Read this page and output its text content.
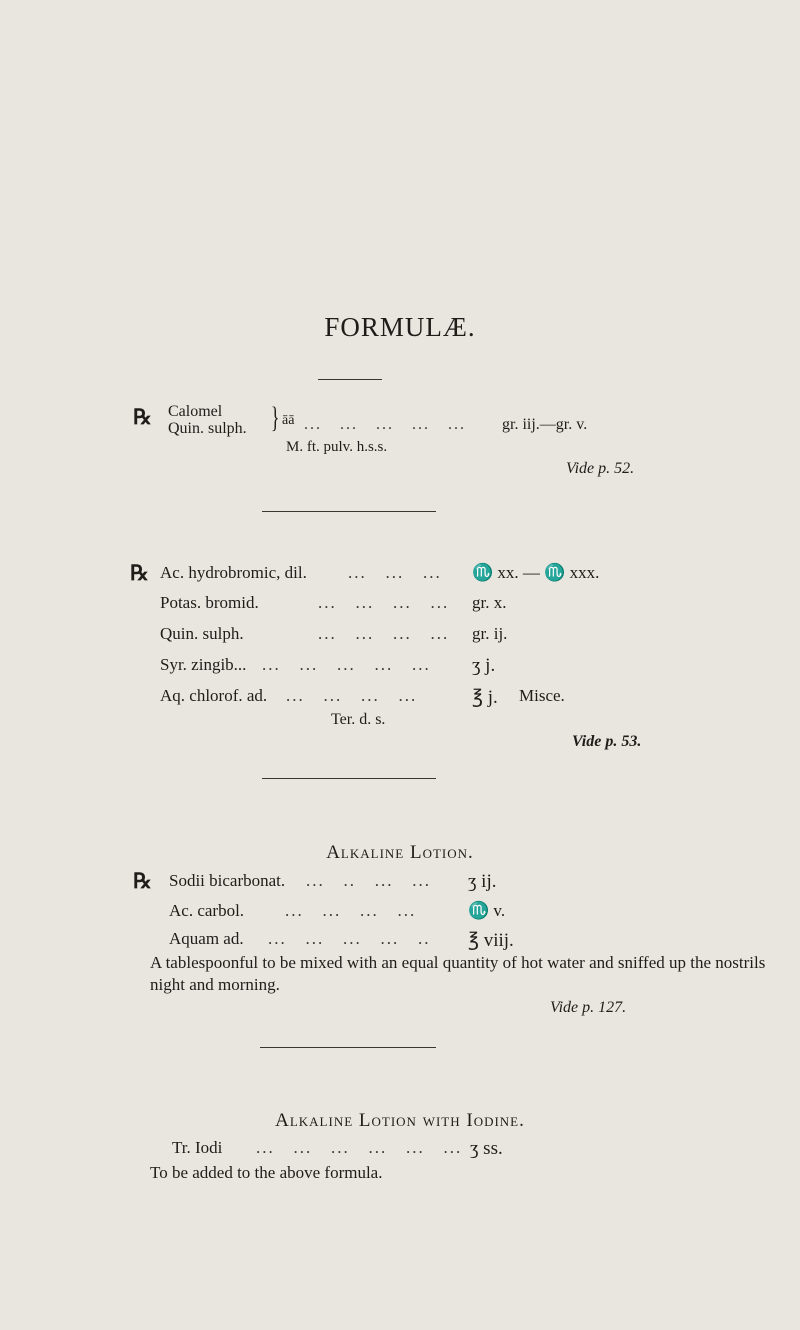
FORMULÆ.
℞ Calomel
Quin. sulph. } āā ...   ...   ...   ...   ... gr. iij.—gr. v.
M. ft. pulv. h.s.s.
Vide p. 52.
℞ Ac. hydrobromic, dil. ...   ...   ... ♏ xx. — ♏ xxx.
Potas. bromid.	...   ...   ...   ... gr. x.
Quin. sulph.	...   ...   ...   ... gr. ij.
Syr. zingib... ...   ...   ...   ...   ... ʒ j.
Aq. chlorof. ad. ...   ...   ...   ...	℥ j. Misce.
Ter. d. s.
Vide p. 53.
Alkaline Lotion.
℞ Sodii bicarbonat. ...   ..   ...   ... ʒ ij.
Ac. carbol. ...   ...   ...   ...	♏ v.
Aquam ad. ...   ...   ...   ...   .. ℥ viij.
A tablespoonful to be mixed with an equal quantity of hot water and sniffed up the nostrils night and morning.
Vide p. 127.
Alkaline Lotion with Iodine.
Tr. Iodi ...   ...   ...   ...   ...   ... ʒ ss.
To be added to the above formula.
